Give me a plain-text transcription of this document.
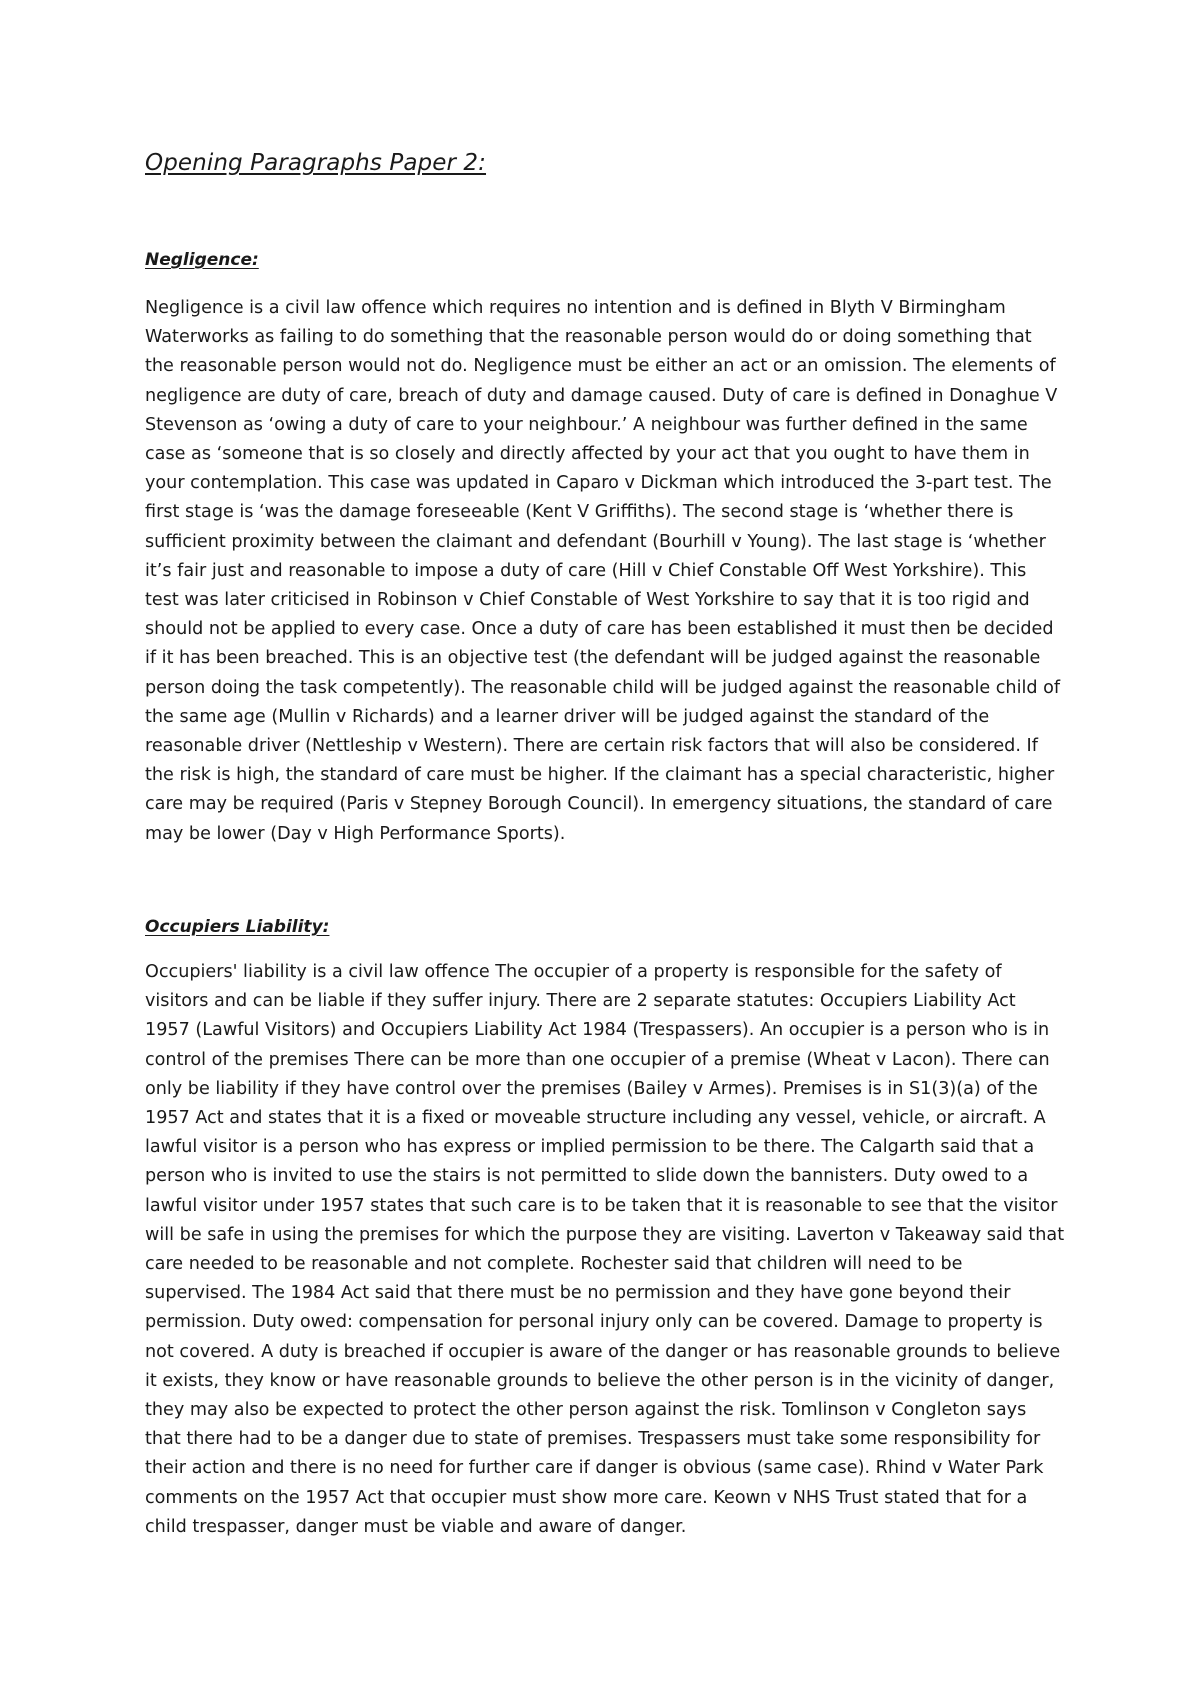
Opening Paragraphs Paper 2:
Negligence:

Negligence is a civil law offence which requires no intention and is defined in Blyth V Birmingham Waterworks as failing to do something that the reasonable person would do or doing something that the reasonable person would not do. Negligence must be either an act or an omission. The elements of negligence are duty of care, breach of duty and damage caused. Duty of care is defined in Donaghue V Stevenson as ‘owing a duty of care to your neighbour.’ A neighbour was further defined in the same case as ‘someone that is so closely and directly affected by your act that you ought to have them in your contemplation. This case was updated in Caparo v Dickman which introduced the 3-part test. The first stage is ‘was the damage foreseeable (Kent V Griffiths). The second stage is ‘whether there is sufficient proximity between the claimant and defendant (Bourhill v Young). The last stage is ‘whether it’s fair just and reasonable to impose a duty of care (Hill v Chief Constable Off West Yorkshire). This test was later criticised in Robinson v Chief Constable of West Yorkshire to say that it is too rigid and should not be applied to every case. Once a duty of care has been established it must then be decided if it has been breached. This is an objective test (the defendant will be judged against the reasonable person doing the task competently). The reasonable child will be judged against the reasonable child of the same age (Mullin v Richards) and a learner driver will be judged against the standard of the reasonable driver (Nettleship v Western). There are certain risk factors that will also be considered. If the risk is high, the standard of care must be higher. If the claimant has a special characteristic, higher care may be required (Paris v Stepney Borough Council). In emergency situations, the standard of care may be lower (Day v High Performance Sports).

Occupiers Liability:

Occupiers' liability is a civil law offence The occupier of a property is responsible for the safety of visitors and can be liable if they suffer injury. There are 2 separate statutes: Occupiers Liability Act 1957 (Lawful Visitors) and Occupiers Liability Act 1984 (Trespassers). An occupier is a person who is in control of the premises There can be more than one occupier of a premise (Wheat v Lacon). There can only be liability if they have control over the premises (Bailey v Armes). Premises is in S1(3)(a) of the 1957 Act and states that it is a fixed or moveable structure including any vessel, vehicle, or aircraft. A lawful visitor is a person who has express or implied permission to be there. The Calgarth said that a person who is invited to use the stairs is not permitted to slide down the bannisters. Duty owed to a lawful visitor under 1957 states that such care is to be taken that it is reasonable to see that the visitor will be safe in using the premises for which the purpose they are visiting. Laverton v Takeaway said that care needed to be reasonable and not complete. Rochester said that children will need to be supervised. The 1984 Act said that there must be no permission and they have gone beyond their permission. Duty owed: compensation for personal injury only can be covered. Damage to property is not covered. A duty is breached if occupier is aware of the danger or has reasonable grounds to believe it exists, they know or have reasonable grounds to believe the other person is in the vicinity of danger, they may also be expected to protect the other person against the risk. Tomlinson v Congleton says that there had to be a danger due to state of premises. Trespassers must take some responsibility for their action and there is no need for further care if danger is obvious (same case). Rhind v Water Park comments on the 1957 Act that occupier must show more care. Keown v NHS Trust stated that for a child trespasser, danger must be viable and aware of danger.
